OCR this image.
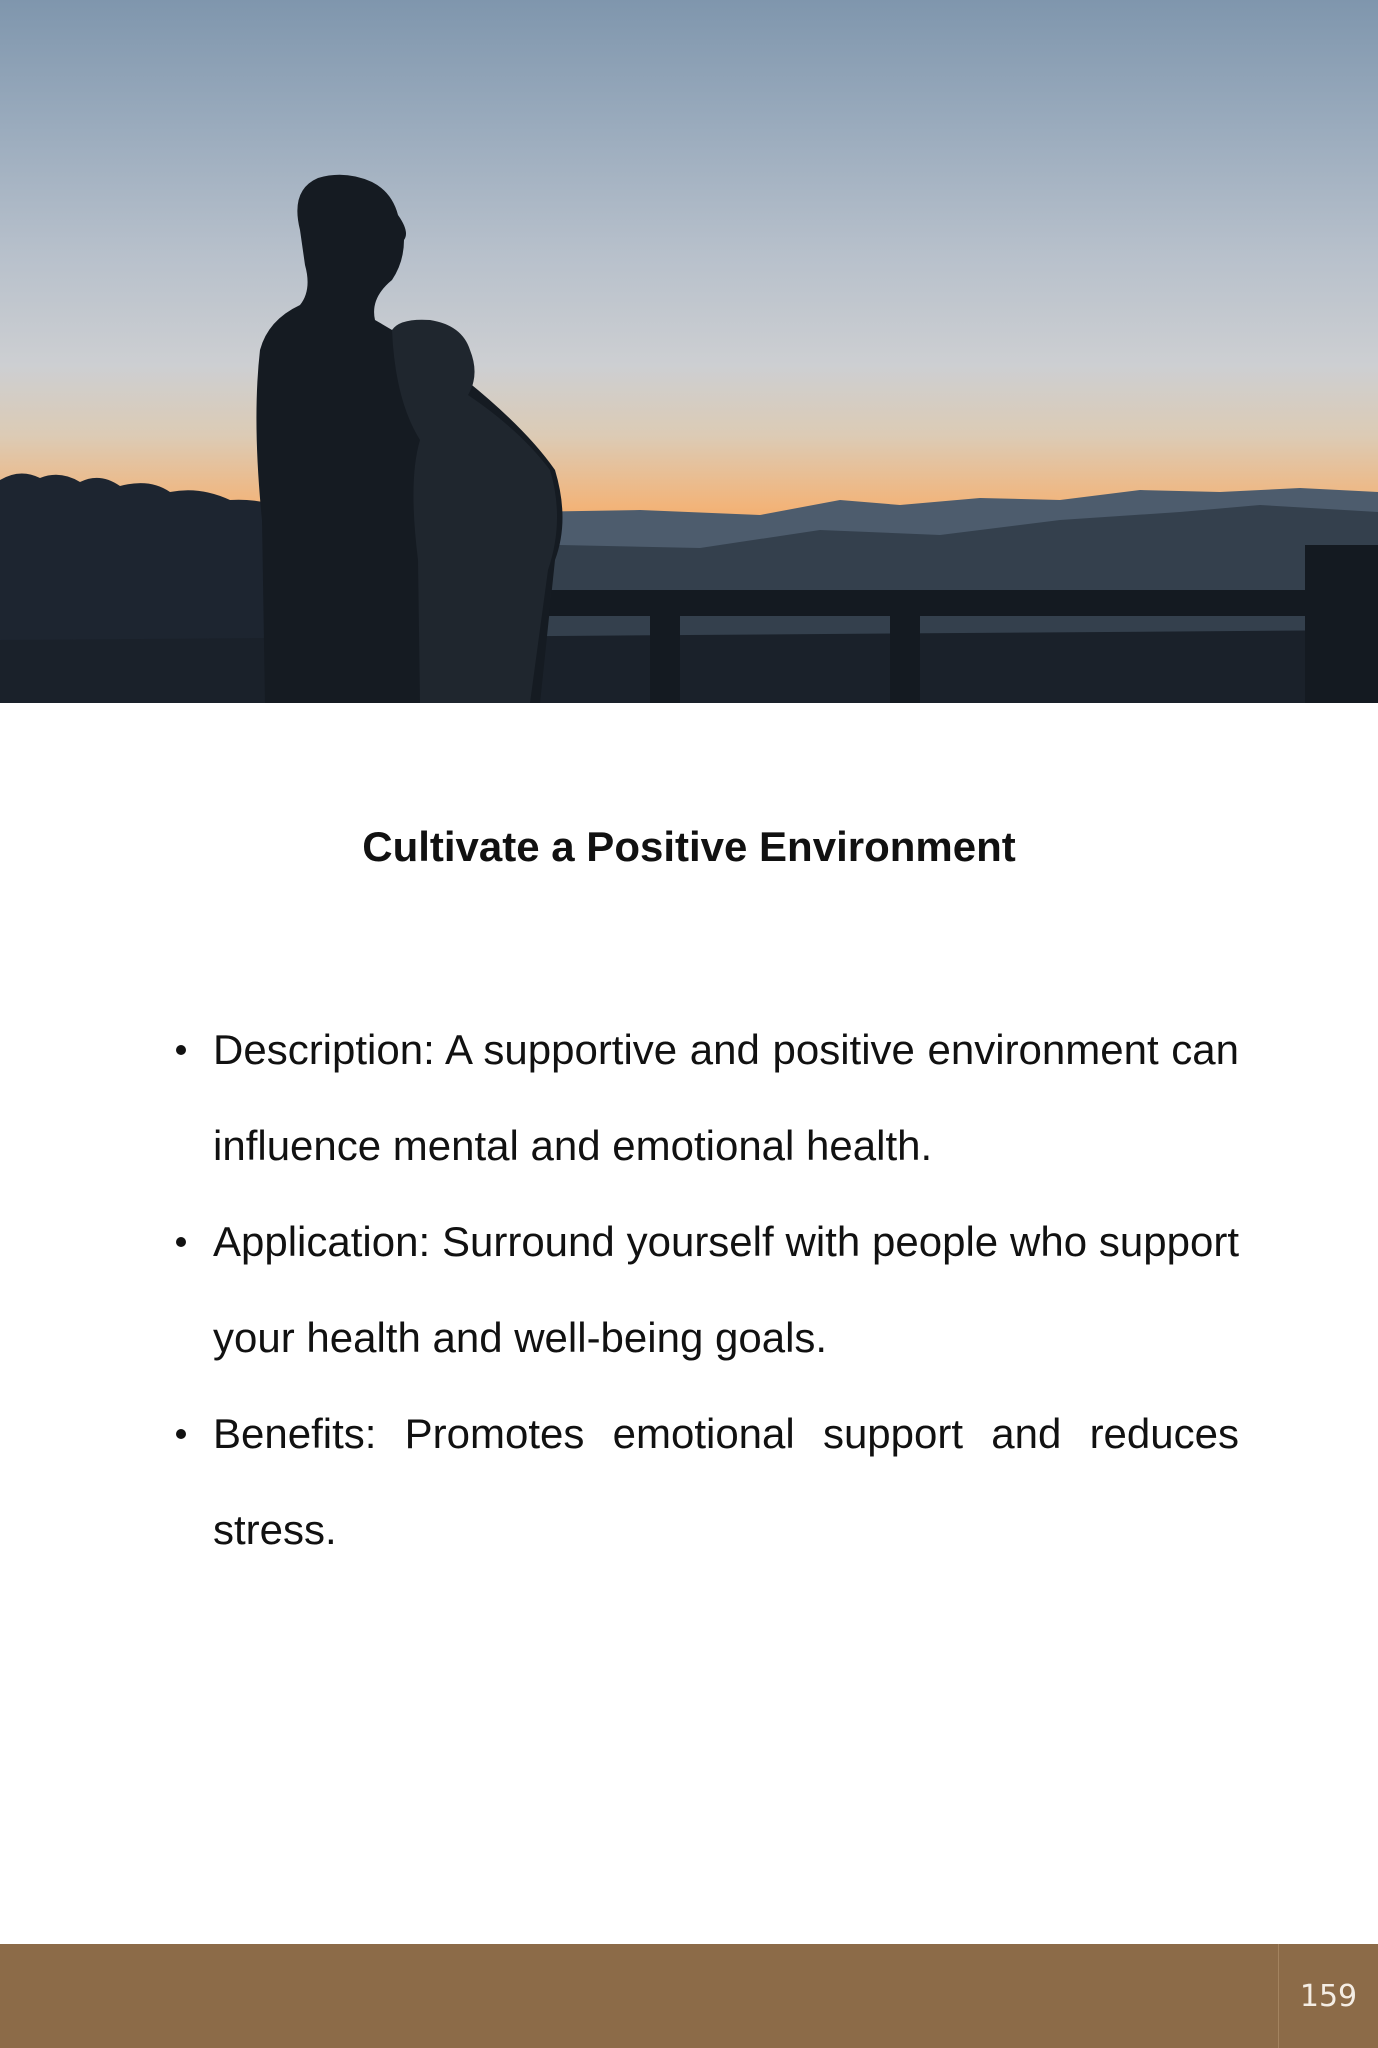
Cultivate a Positive Environment
Description: A supportive and positive environment can influence mental and emotional health.
Application: Surround yourself with people who support your health and well-being goals.
Benefits: Promotes emotional support and reduces stress.
159
